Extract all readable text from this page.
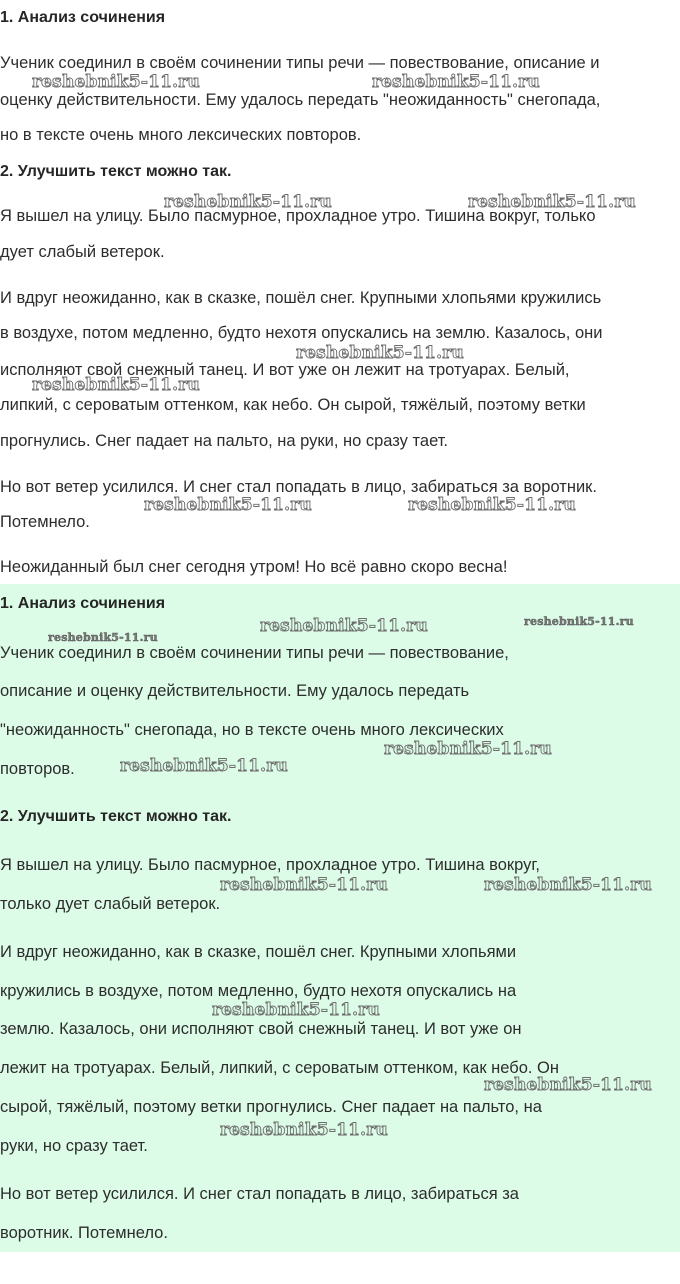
1. Анализ сочинения
Ученик соединил в своём сочинении типы речи — повествование, описание и
оценку действительности. Ему удалось передать "неожиданность" снегопада,
но в тексте очень много лексических повторов.
2. Улучшить текст можно так.
Я вышел на улицу. Было пасмурное, прохладное утро. Тишина вокруг, только
дует слабый ветерок.
И вдруг неожиданно, как в сказке, пошёл снег. Крупными хлопьями кружились
в воздухе, потом медленно, будто нехотя опускались на землю. Казалось, они
исполняют свой снежный танец. И вот уже он лежит на тротуарах. Белый,
липкий, с сероватым оттенком, как небо. Он сырой, тяжёлый, поэтому ветки
прогнулись. Снег падает на пальто, на руки, но сразу тает.
Но вот ветер усилился. И снег стал попадать в лицо, забираться за воротник.
Потемнело.
Неожиданный был снег сегодня утром! Но всё равно скоро весна!
reshebnik5-11.ru	reshebnik5-11.ru
reshebnik5-11.ru	reshebnik5-11.ru
reshebnik5-11.ru
reshebnik5-11.ru
reshebnik5-11.ru	reshebnik5-11.ru
1. Анализ сочинения
Ученик соединил в своём сочинении типы речи — повествование,
описание и оценку действительности. Ему удалось передать
"неожиданность" снегопада, но в тексте очень много лексических
повторов.
2. Улучшить текст можно так.
Я вышел на улицу. Было пасмурное, прохладное утро. Тишина вокруг,
только дует слабый ветерок.
И вдруг неожиданно, как в сказке, пошёл снег. Крупными хлопьями
кружились в воздухе, потом медленно, будто нехотя опускались на
землю. Казалось, они исполняют свой снежный танец. И вот уже он
лежит на тротуарах. Белый, липкий, с сероватым оттенком, как небо. Он
сырой, тяжёлый, поэтому ветки прогнулись. Снег падает на пальто, на
руки, но сразу тает.
Но вот ветер усилился. И снег стал попадать в лицо, забираться за
воротник. Потемнело.
reshebnik5-11.ru
reshebnik5-11.ru	reshebnik5-11.ru
reshebnik5-11.ru
reshebnik5-11.ru
reshebnik5-11.ru	reshebnik5-11.ru
reshebnik5-11.ru
reshebnik5-11.ru
reshebnik5-11.ru
